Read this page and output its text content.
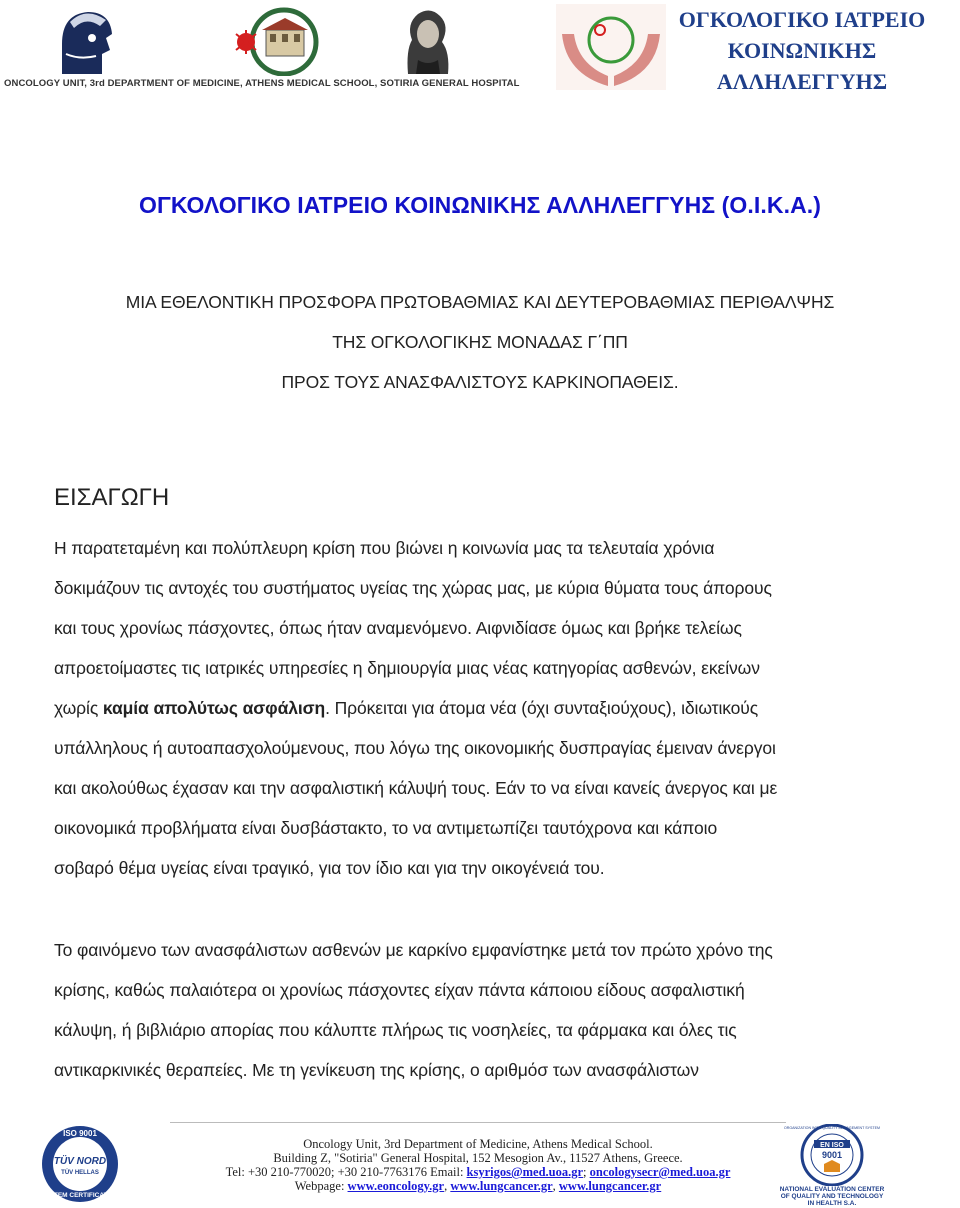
ONCOLOGY UNIT, 3rd DEPARTMENT OF MEDICINE, ATHENS MEDICAL SCHOOL, SOTIRIA GENERAL HOSPITAL
ΟΓΚΟΛΟΓΙΚΟ ΙΑΤΡΕΙΟ
ΚΟΙΝΩΝΙΚΗΣ
ΑΛΛΗΛΕΓΓΥΗΣ
ΟΓΚΟΛΟΓΙΚΟ ΙΑΤΡΕΙΟ ΚΟΙΝΩΝΙΚΗΣ ΑΛΛΗΛΕΓΓΥΗΣ (Ο.Ι.Κ.Α.)
ΜΙΑ ΕΘΕΛΟΝΤΙΚΗ ΠΡΟΣΦΟΡΑ ΠΡΩΤΟΒΑΘΜΙΑΣ ΚΑΙ ΔΕΥΤΕΡΟΒΑΘΜΙΑΣ ΠΕΡΙΘΑΛΨΗΣ
ΤΗΣ ΟΓΚΟΛΟΓΙΚΗΣ ΜΟΝΑΔΑΣ Γ΄ΠΠ
ΠΡΟΣ ΤΟΥΣ ΑΝΑΣΦΑΛΙΣΤΟΥΣ ΚΑΡΚΙΝΟΠΑΘΕΙΣ.
ΕΙΣΑΓΩΓΗ
Η παρατεταμένη και πολύπλευρη κρίση που βιώνει η κοινωνία μας τα τελευταία χρόνια
δοκιμάζουν τις αντοχές του συστήματος υγείας της χώρας μας, με κύρια θύματα τους άπορους
και τους χρονίως πάσχοντες, όπως ήταν αναμενόμενο. Αιφνιδίασε όμως και βρήκε τελείως
απροετοίμαστες τις ιατρικές υπηρεσίες η δημιουργία μιας νέας κατηγορίας ασθενών, εκείνων
χωρίς καμία απολύτως ασφάλιση. Πρόκειται για άτομα νέα (όχι συνταξιούχους), ιδιωτικούς
υπάλληλους ή αυτοαπασχολούμενους, που λόγω της οικονομικής δυσπραγίας έμειναν άνεργοι
και ακολούθως έχασαν και την ασφαλιστική κάλυψή τους. Εάν το να είναι κανείς άνεργος και με
οικονομικά προβλήματα είναι δυσβάστακτο, το να αντιμετωπίζει ταυτόχρονα και κάποιο
σοβαρό θέμα υγείας είναι τραγικό, για τον ίδιο και για την οικογένειά του.
Το φαινόμενο των ανασφάλιστων ασθενών με καρκίνο εμφανίστηκε μετά τον πρώτο χρόνο της
κρίσης, καθώς παλαιότερα οι χρονίως πάσχοντες είχαν πάντα κάποιου είδους ασφαλιστική
κάλυψη, ή βιβλιάριο απορίας που κάλυπτε πλήρως τις νοσηλείες, τα φάρμακα και όλες τις
αντικαρκινικές θεραπείες. Με τη γενίκευση της κρίσης, ο αριθμόσ των ανασφάλιστων
ISO 9001
TÜV NORD
TÜV HELLAS
SYSTEM CERTIFICATION
Oncology Unit, 3rd Department of Medicine, Athens Medical School.
Building Z, "Sotiria" General Hospital, 152 Mesogion Av., 11527 Athens, Greece.
Tel: +30 210-770020; +30 210-7763176 Email: ksyrigos@med.uoa.gr; oncologysecr@med.uoa.gr
Webpage: www.eoncology.gr, www.lungcancer.gr, www.lungcancer.gr
EN ISO
9001
ORGANIZATION WITH QUALITY MANAGEMENT SYSTEM
NATIONAL EVALUATION CENTER
OF QUALITY AND TECHNOLOGY
IN HEALTH S.A.
